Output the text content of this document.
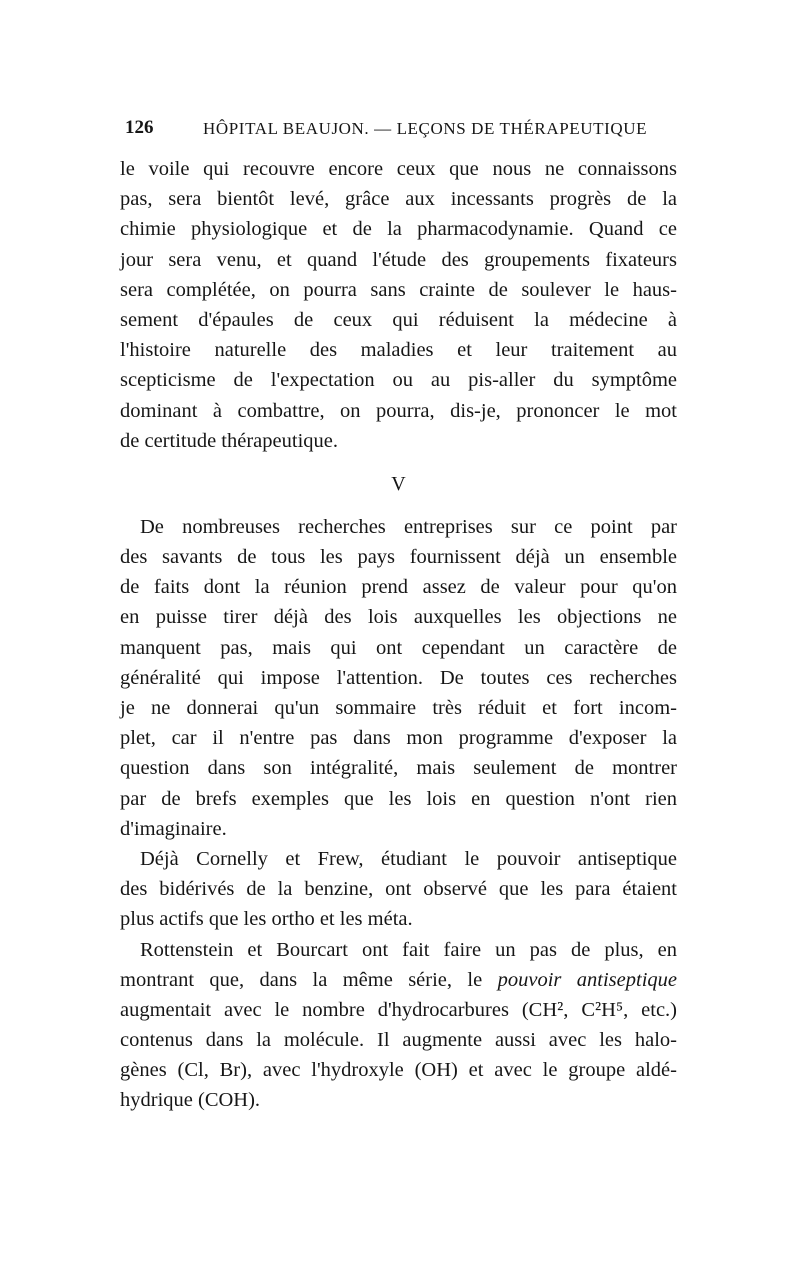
126	HÔPITAL BEAUJON. — LEÇONS DE THÉRAPEUTIQUE
le voile qui recouvre encore ceux que nous ne connaissons
pas, sera bientôt levé, grâce aux incessants progrès de la
chimie physiologique et de la pharmacodynamie. Quand ce
jour sera venu, et quand l'étude des groupements fixateurs
sera complétée, on pourra sans crainte de soulever le haus-
sement d'épaules de ceux qui réduisent la médecine à
l'histoire naturelle des maladies et leur traitement au
scepticisme de l'expectation ou au pis-aller du symptôme
dominant à combattre, on pourra, dis-je, prononcer le mot
de certitude thérapeutique.
V
De nombreuses recherches entreprises sur ce point par
des savants de tous les pays fournissent déjà un ensemble
de faits dont la réunion prend assez de valeur pour qu'on
en puisse tirer déjà des lois auxquelles les objections ne
manquent pas, mais qui ont cependant un caractère de
généralité qui impose l'attention. De toutes ces recherches
je ne donnerai qu'un sommaire très réduit et fort incom-
plet, car il n'entre pas dans mon programme d'exposer la
question dans son intégralité, mais seulement de montrer
par de brefs exemples que les lois en question n'ont rien
d'imaginaire.
Déjà Cornelly et Frew, étudiant le pouvoir antiseptique
des bidérivés de la benzine, ont observé que les para étaient
plus actifs que les ortho et les méta.
Rottenstein et Bourcart ont fait faire un pas de plus, en
montrant que, dans la même série, le pouvoir antiseptique
augmentait avec le nombre d'hydrocarbures (CH², C²H⁵, etc.)
contenus dans la molécule. Il augmente aussi avec les halo-
gènes (Cl, Br), avec l'hydroxyle (OH) et avec le groupe aldé-
hydrique (COH).
